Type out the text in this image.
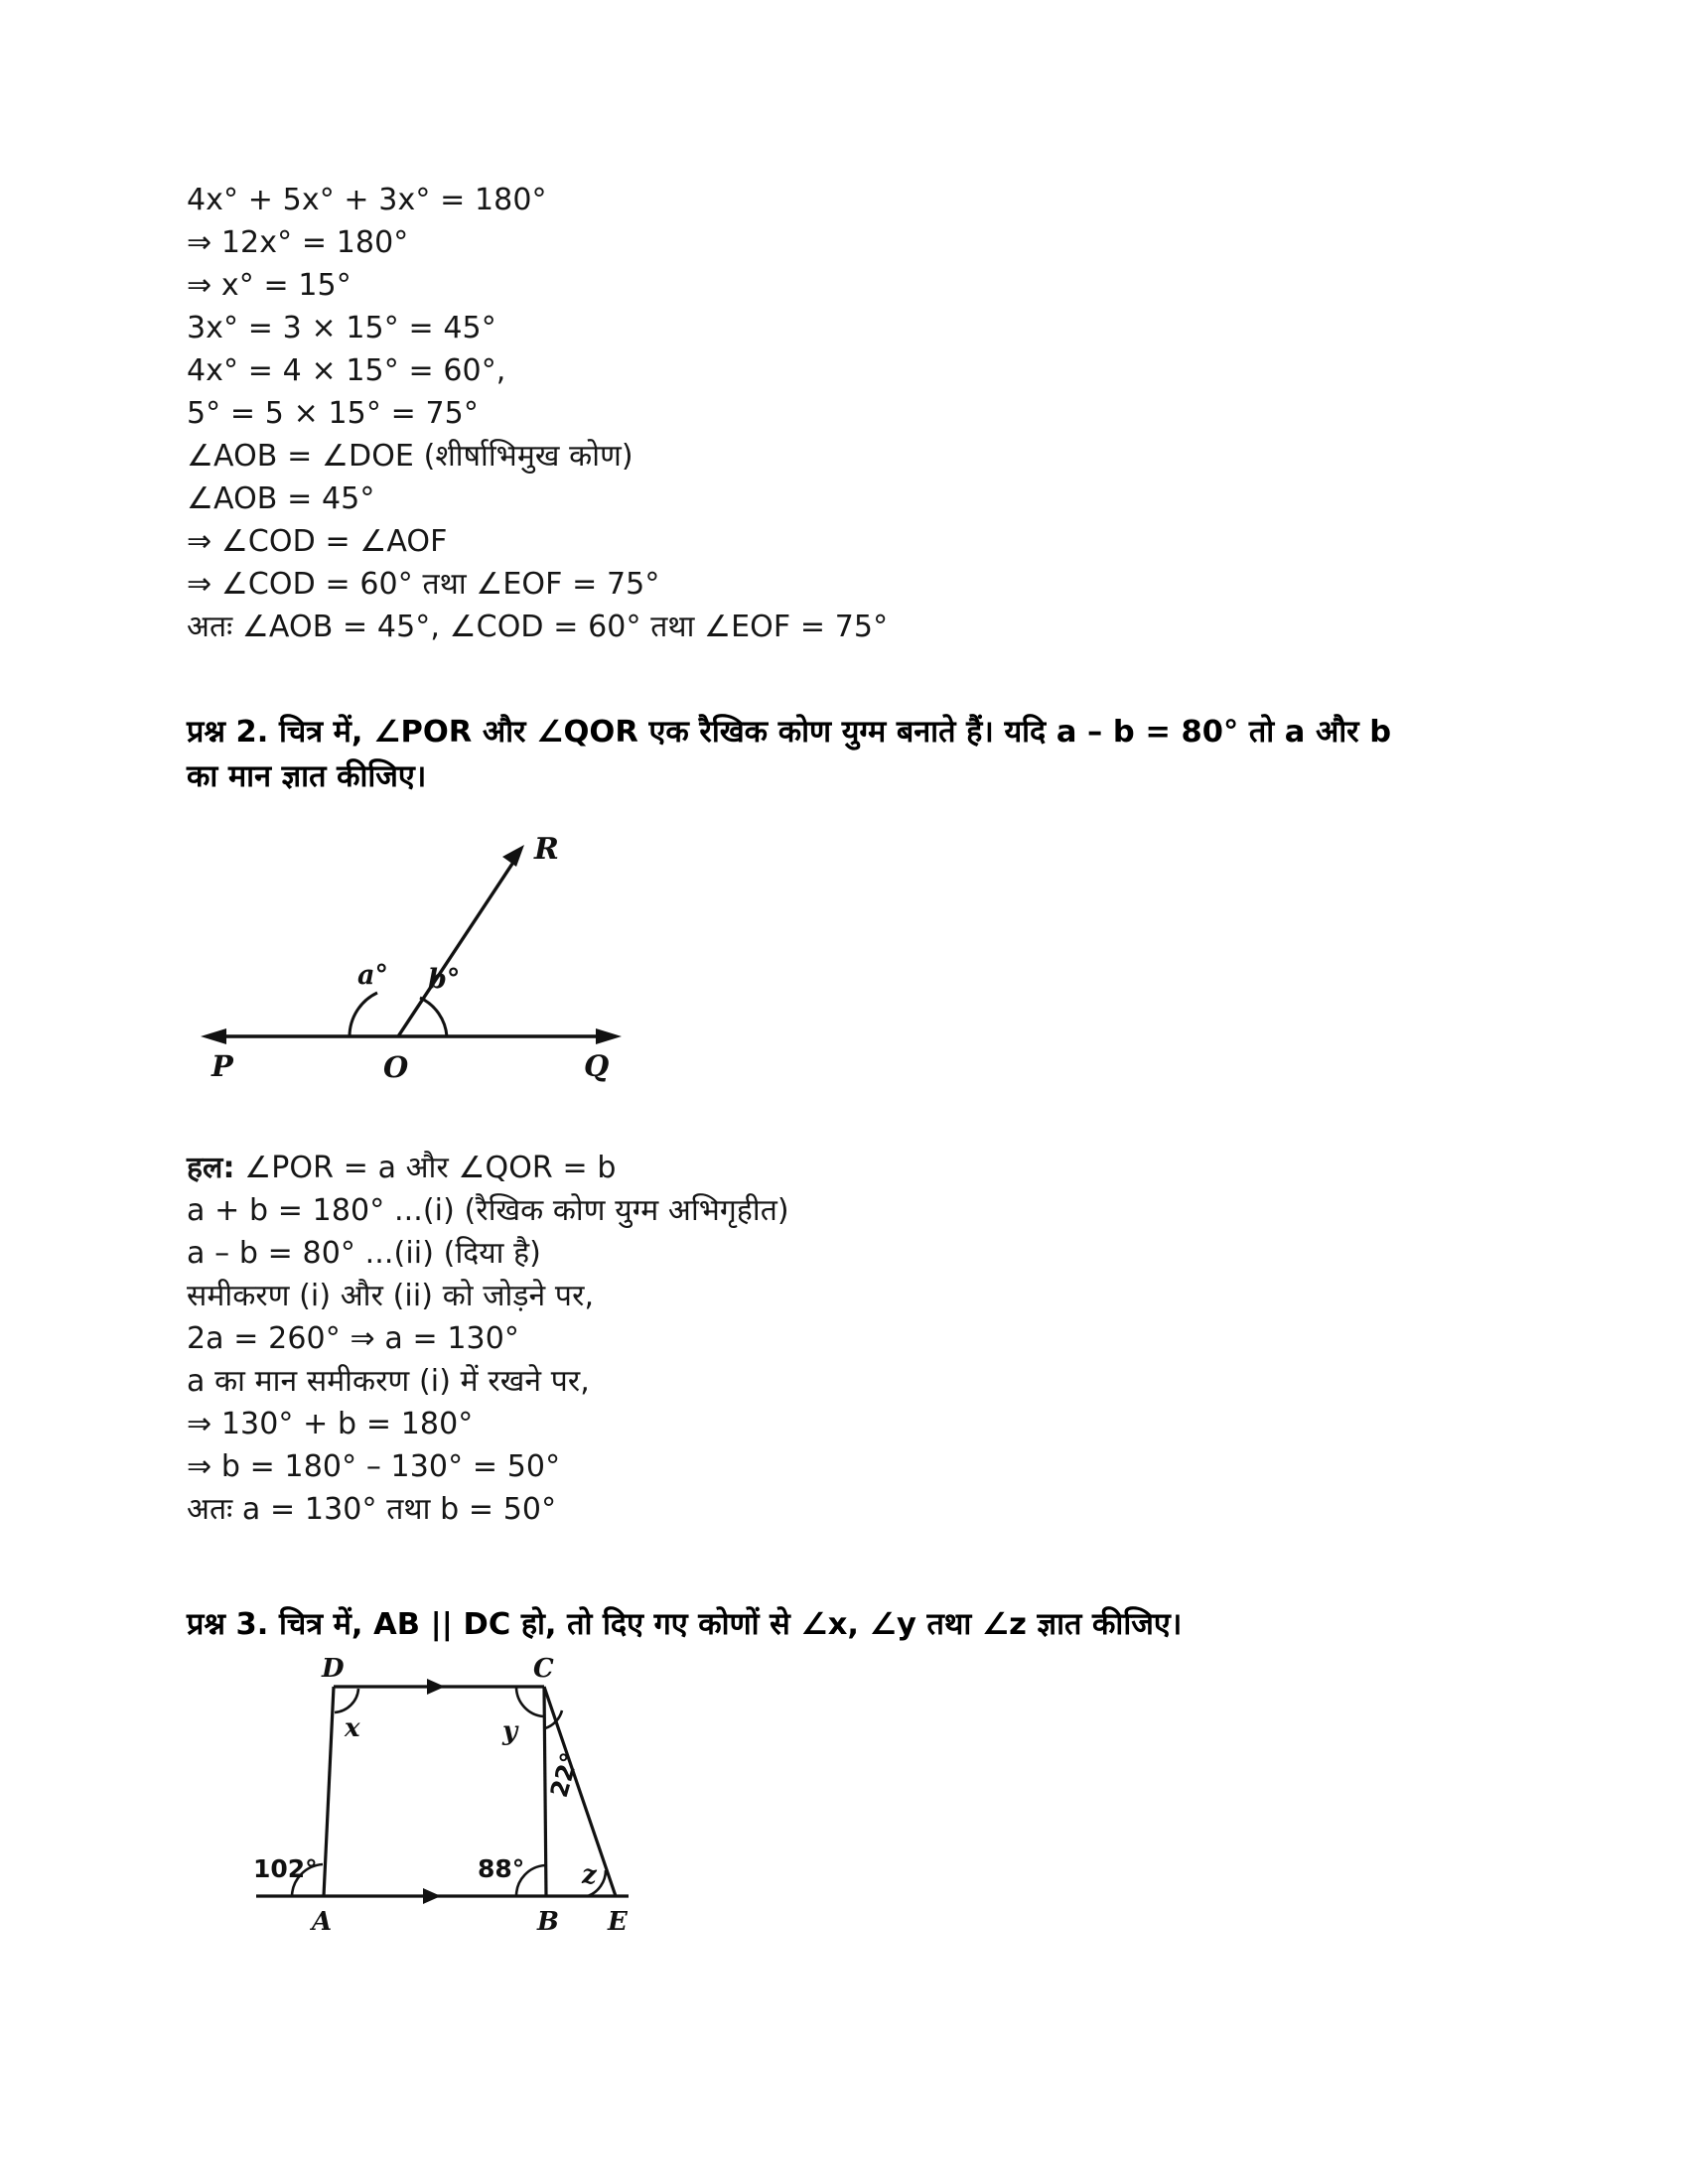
4x° + 5x° + 3x° = 180°
⇒ 12x° = 180°
⇒ x° = 15°
3x° = 3 × 15° = 45°
4x° = 4 × 15° = 60°,
5° = 5 × 15° = 75°
∠AOB = ∠DOE (शीर्षाभिमुख कोण)
∠AOB = 45°
⇒ ∠COD = ∠AOF
⇒ ∠COD = 60° तथा ∠EOF = 75°
अतः ∠AOB = 45°, ∠COD = 60° तथा ∠EOF = 75°
प्रश्न 2. चित्र में, ∠POR और ∠QOR एक रैखिक कोण युग्म बनाते हैं। यदि a – b = 80° तो a और b
का मान ज्ञात कीजिए।
a° b°
P	O	Q
R
हल: ∠POR = a और ∠QOR = b
a + b = 180° ...(i) (रैखिक कोण युग्म अभिगृहीत)
a – b = 80° ...(ii) (दिया है)
समीकरण (i) और (ii) को जोड़ने पर,
2a = 260° ⇒ a = 130°
a का मान समीकरण (i) में रखने पर,
⇒ 130° + b = 180°
⇒ b = 180° – 130° = 50°
अतः a = 130° तथा b = 50°
प्रश्न 3. चित्र में, AB || DC हो, तो दिए गए कोणों से ∠x, ∠y तथा ∠z ज्ञात कीजिए।
D	C
A	B E
x	y
22°
102°	88° z
